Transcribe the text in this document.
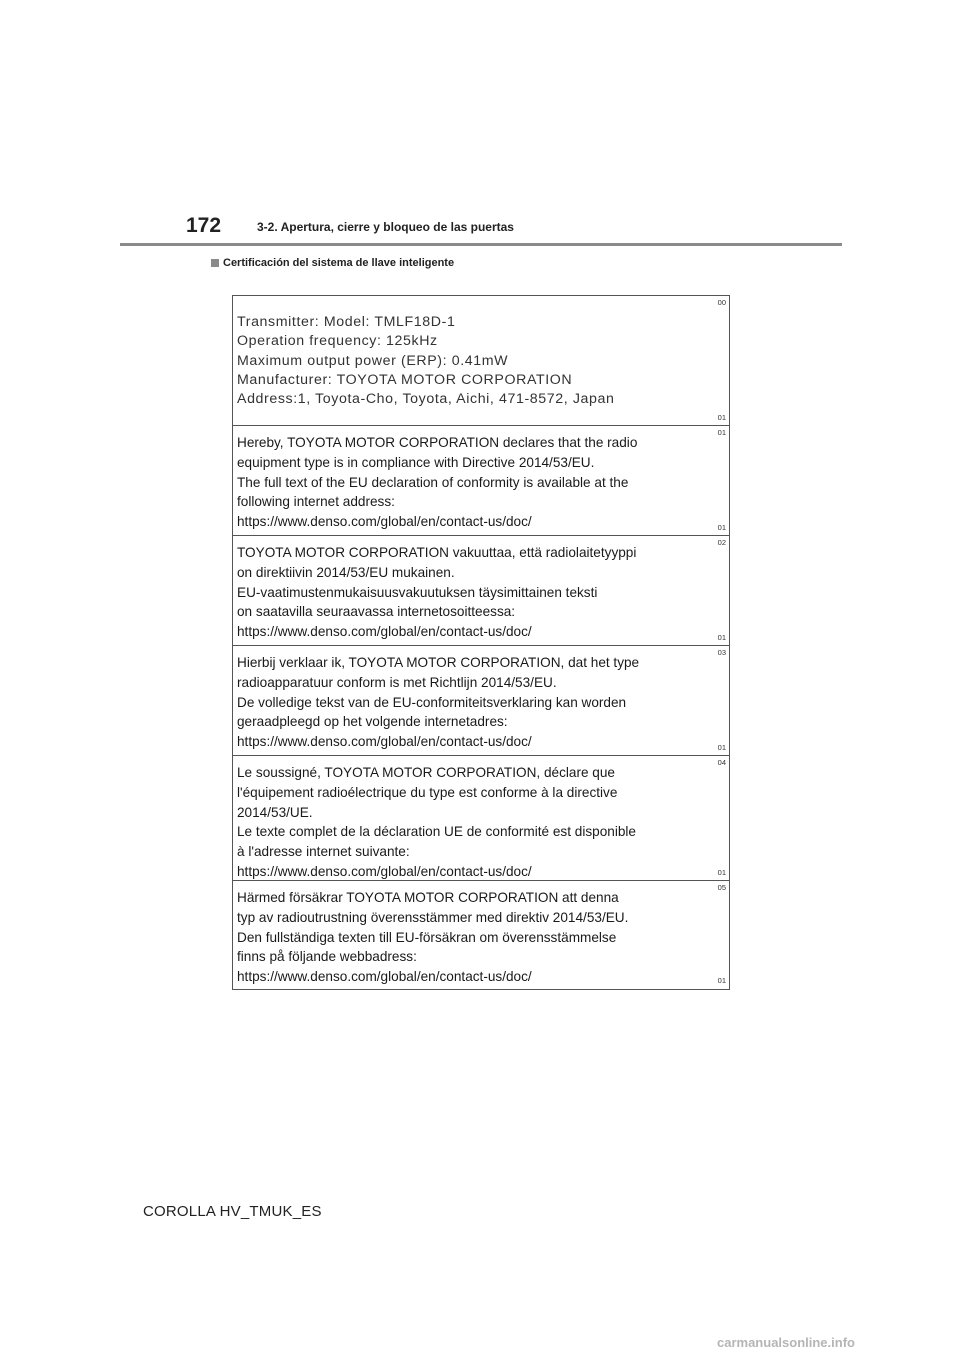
172	3-2. Apertura, cierre y bloqueo de las puertas
Certificación del sistema de llave inteligente
00
Transmitter: Model: TMLF18D-1
Operation frequency: 125kHz
Maximum output power (ERP): 0.41mW
Manufacturer: TOYOTA MOTOR CORPORATION
Address:1, Toyota-Cho, Toyota, Aichi, 471-8572, Japan
01
01
Hereby, TOYOTA MOTOR CORPORATION declares that the radio
equipment type is in compliance with Directive 2014/53/EU.
The full text of the EU declaration of conformity is available at the
following internet address:
https://www.denso.com/global/en/contact-us/doc/	01
02
TOYOTA MOTOR CORPORATION vakuuttaa, että radiolaitetyyppi
on direktiivin 2014/53/EU mukainen.
EU-vaatimustenmukaisuusvakuutuksen täysimittainen teksti
on saatavilla seuraavassa internetosoitteessa:
https://www.denso.com/global/en/contact-us/doc/	01
03
Hierbij verklaar ik, TOYOTA MOTOR CORPORATION, dat het type
radioapparatuur conform is met Richtlijn 2014/53/EU.
De volledige tekst van de EU-conformiteitsverklaring kan worden
geraadpleegd op het volgende internetadres:
https://www.denso.com/global/en/contact-us/doc/	01
04
Le soussigné, TOYOTA MOTOR CORPORATION, déclare que
l'équipement radioélectrique du type est conforme à la directive
2014/53/UE.
Le texte complet de la déclaration UE de conformité est disponible
à l'adresse internet suivante:
https://www.denso.com/global/en/contact-us/doc/	01
05
Härmed försäkrar TOYOTA MOTOR CORPORATION att denna
typ av radioutrustning överensstämmer med direktiv 2014/53/EU.
Den fullständiga texten till EU-försäkran om överensstämmelse
finns på följande webbadress:
https://www.denso.com/global/en/contact-us/doc/	01
COROLLA HV_TMUK_ES
carmanualsonline.info
